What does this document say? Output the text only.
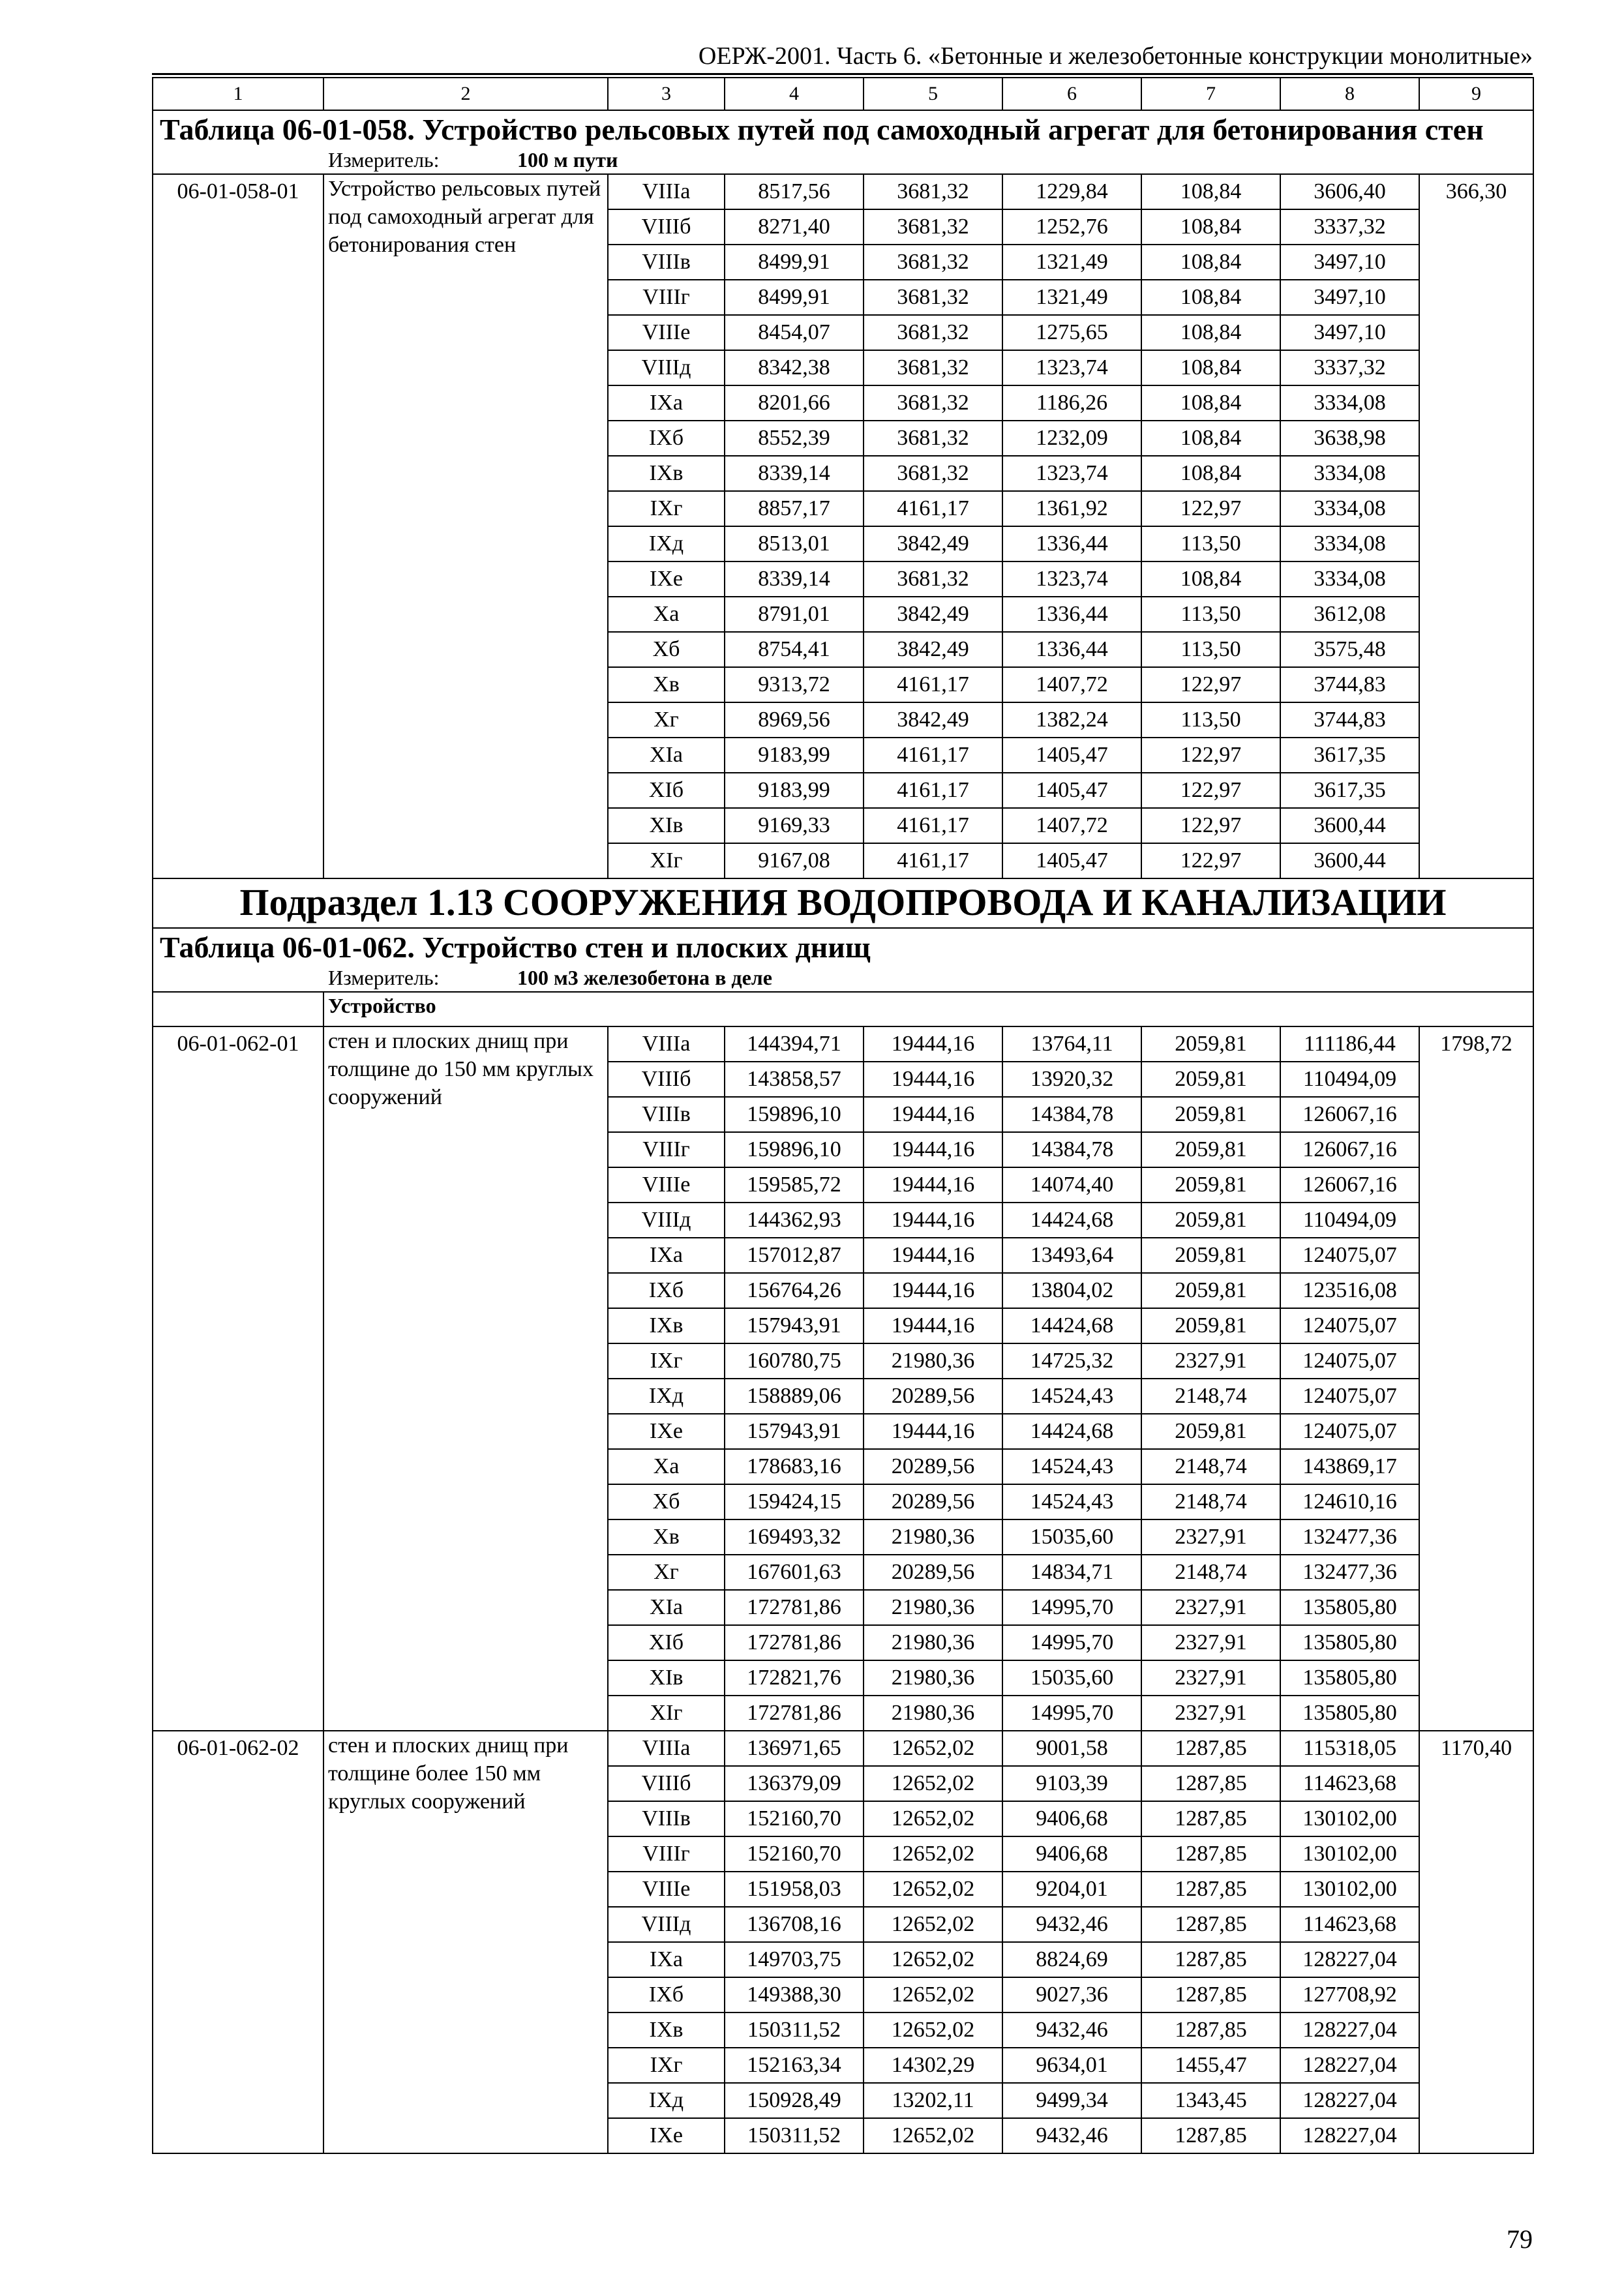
ОЕРЖ-2001. Часть 6. «Бетонные и железобетонные конструкции монолитные»
1	2	3	4	5	6	7	8	9
Таблица 06-01-058. Устройство рельсовых путей под самоходный агрегат для бетонирования стен								
Измеритель: 100 м пути								
06-01-058-01	Устройство рельсовых путей под самоходный агрегат для бетонирования стен	VIIIа	8517,56	3681,32	1229,84	108,84	3606,40	366,30
		VIIIб	8271,40	3681,32	1252,76	108,84	3337,32	
		VIIIв	8499,91	3681,32	1321,49	108,84	3497,10	
		VIIIг	8499,91	3681,32	1321,49	108,84	3497,10	
		VIIIе	8454,07	3681,32	1275,65	108,84	3497,10	
		VIIIд	8342,38	3681,32	1323,74	108,84	3337,32	
		IXа	8201,66	3681,32	1186,26	108,84	3334,08	
		IXб	8552,39	3681,32	1232,09	108,84	3638,98	
		IXв	8339,14	3681,32	1323,74	108,84	3334,08	
		IXг	8857,17	4161,17	1361,92	122,97	3334,08	
		IXд	8513,01	3842,49	1336,44	113,50	3334,08	
		IXе	8339,14	3681,32	1323,74	108,84	3334,08	
		Xа	8791,01	3842,49	1336,44	113,50	3612,08	
		Xб	8754,41	3842,49	1336,44	113,50	3575,48	
		Xв	9313,72	4161,17	1407,72	122,97	3744,83	
		Xг	8969,56	3842,49	1382,24	113,50	3744,83	
		XIа	9183,99	4161,17	1405,47	122,97	3617,35	
		XIб	9183,99	4161,17	1405,47	122,97	3617,35	
		XIв	9169,33	4161,17	1407,72	122,97	3600,44	
		XIг	9167,08	4161,17	1405,47	122,97	3600,44	
Подраздел 1.13 СООРУЖЕНИЯ ВОДОПРОВОДА И КАНАЛИЗАЦИИ								
Таблица 06-01-062. Устройство стен и плоских днищ								
Измеритель: 100 м3 железобетона в деле								
	Устройство							
06-01-062-01	стен и плоских днищ при толщине до 150 мм круглых сооружений	VIIIа	144394,71	19444,16	13764,11	2059,81	111186,44	1798,72
		VIIIб	143858,57	19444,16	13920,32	2059,81	110494,09	
		VIIIв	159896,10	19444,16	14384,78	2059,81	126067,16	
		VIIIг	159896,10	19444,16	14384,78	2059,81	126067,16	
		VIIIе	159585,72	19444,16	14074,40	2059,81	126067,16	
		VIIIд	144362,93	19444,16	14424,68	2059,81	110494,09	
		IXа	157012,87	19444,16	13493,64	2059,81	124075,07	
		IXб	156764,26	19444,16	13804,02	2059,81	123516,08	
		IXв	157943,91	19444,16	14424,68	2059,81	124075,07	
		IXг	160780,75	21980,36	14725,32	2327,91	124075,07	
		IXд	158889,06	20289,56	14524,43	2148,74	124075,07	
		IXе	157943,91	19444,16	14424,68	2059,81	124075,07	
		Xа	178683,16	20289,56	14524,43	2148,74	143869,17	
		Xб	159424,15	20289,56	14524,43	2148,74	124610,16	
		Xв	169493,32	21980,36	15035,60	2327,91	132477,36	
		Xг	167601,63	20289,56	14834,71	2148,74	132477,36	
		XIа	172781,86	21980,36	14995,70	2327,91	135805,80	
		XIб	172781,86	21980,36	14995,70	2327,91	135805,80	
		XIв	172821,76	21980,36	15035,60	2327,91	135805,80	
		XIг	172781,86	21980,36	14995,70	2327,91	135805,80	
06-01-062-02	стен и плоских днищ при толщине более 150 мм круглых сооружений	VIIIа	136971,65	12652,02	9001,58	1287,85	115318,05	1170,40
		VIIIб	136379,09	12652,02	9103,39	1287,85	114623,68	
		VIIIв	152160,70	12652,02	9406,68	1287,85	130102,00	
		VIIIг	152160,70	12652,02	9406,68	1287,85	130102,00	
		VIIIе	151958,03	12652,02	9204,01	1287,85	130102,00	
		VIIIд	136708,16	12652,02	9432,46	1287,85	114623,68	
		IXа	149703,75	12652,02	8824,69	1287,85	128227,04	
		IXб	149388,30	12652,02	9027,36	1287,85	127708,92	
		IXв	150311,52	12652,02	9432,46	1287,85	128227,04	
		IXг	152163,34	14302,29	9634,01	1455,47	128227,04	
		IXд	150928,49	13202,11	9499,34	1343,45	128227,04	
		IXе	150311,52	12652,02	9432,46	1287,85	128227,04	
79
